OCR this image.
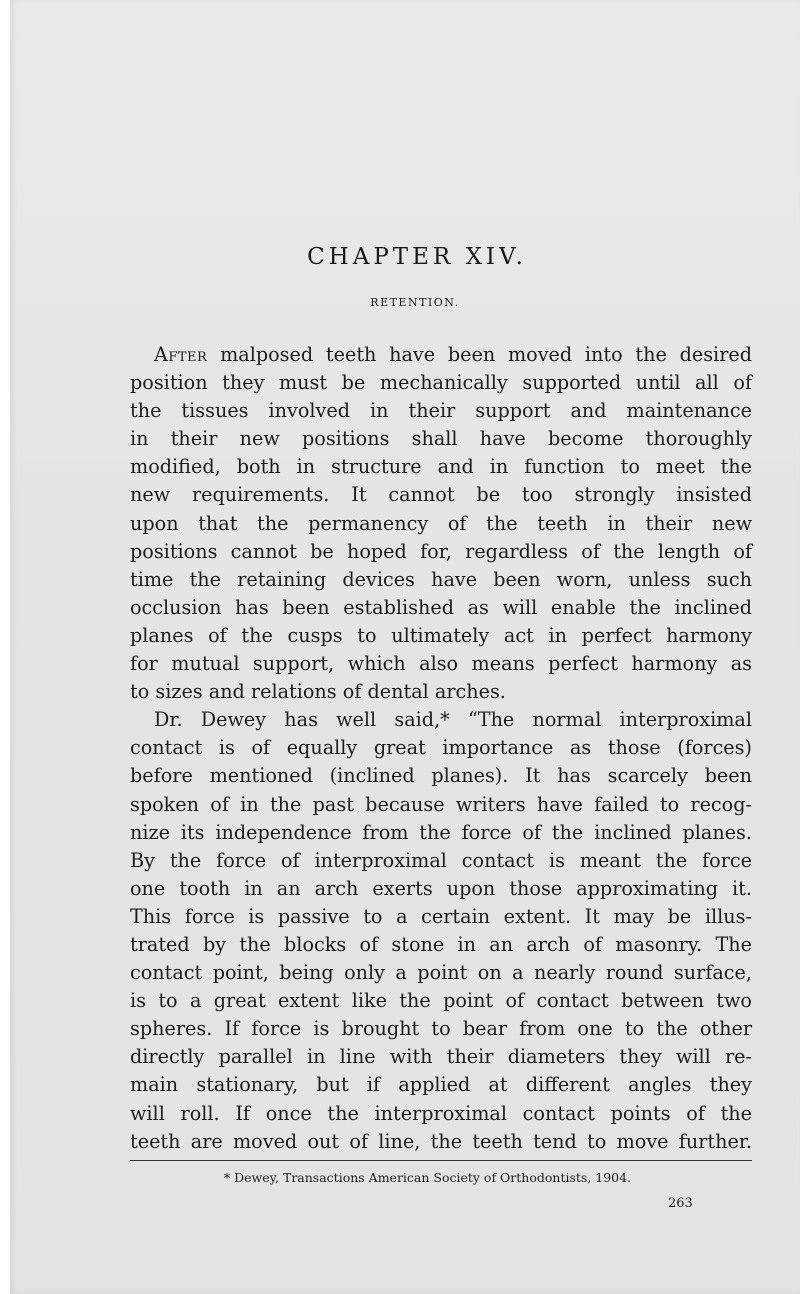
CHAPTER XIV.
RETENTION.

After malposed teeth have been moved into the desired

position they must be mechanically supported until all of

the tissues involved in their support and maintenance

in their new positions shall have become thoroughly

modified, both in structure and in function to meet the

new requirements. It cannot be too strongly insisted

upon that the permanency of the teeth in their new

positions cannot be hoped for, regardless of the length of

time the retaining devices have been worn, unless such

occlusion has been established as will enable the inclined

planes of the cusps to ultimately act in perfect harmony

for mutual support, which also means perfect harmony as

to sizes and relations of dental arches.

Dr. Dewey has well said,* “The normal interproximal

contact is of equally great importance as those (forces)

before mentioned (inclined planes). It has scarcely been

spoken of in the past because writers have failed to recog-

nize its independence from the force of the inclined planes.

By the force of interproximal contact is meant the force

one tooth in an arch exerts upon those approximating it.

This force is passive to a certain extent. It may be illus-

trated by the blocks of stone in an arch of masonry. The

contact point, being only a point on a nearly round surface,

is to a great extent like the point of contact between two

spheres. If force is brought to bear from one to the other

directly parallel in line with their diameters they will re-

main stationary, but if applied at different angles they

will roll. If once the interproximal contact points of the

teeth are moved out of line, the teeth tend to move further.

* Dewey, Transactions American Society of Orthodontists, 1904.
263
